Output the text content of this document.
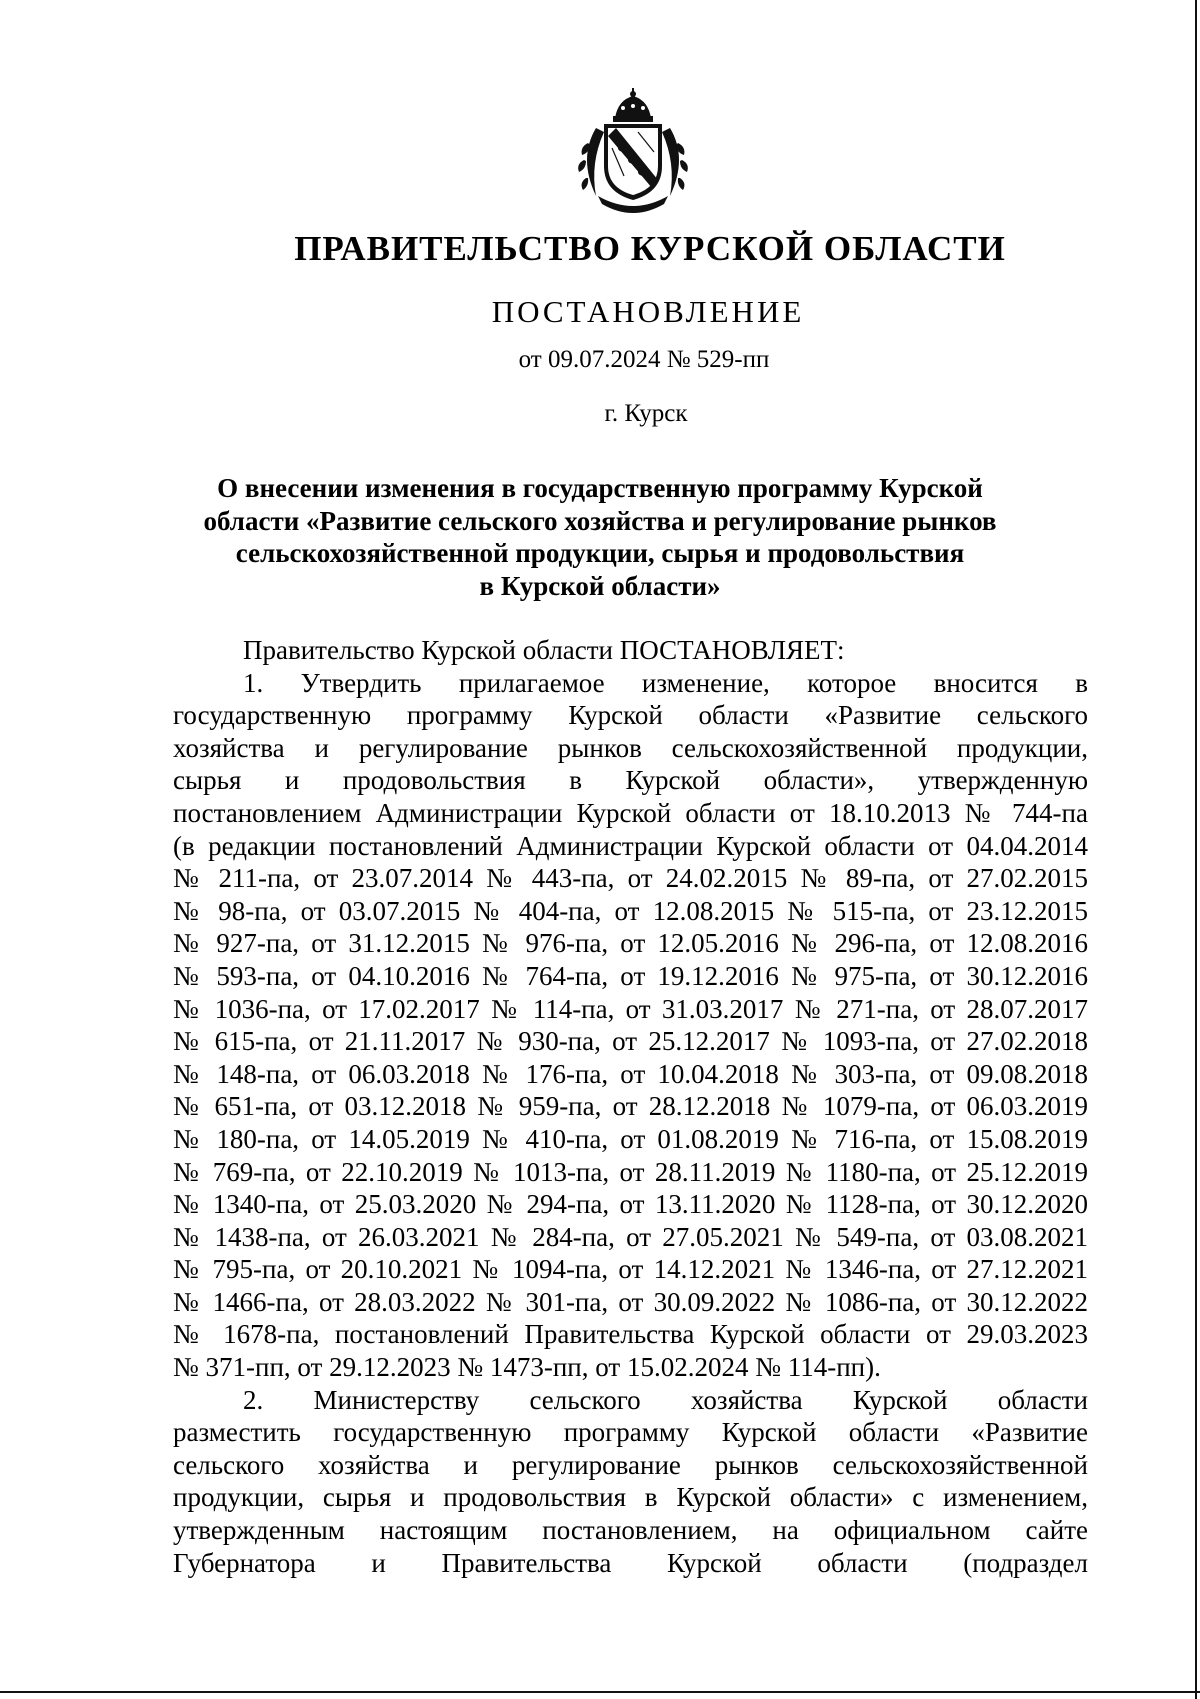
ПРАВИТЕЛЬСТВО КУРСКОЙ ОБЛАСТИ
ПОСТАНОВЛЕНИЕ
от 09.07.2024 № 529-пп
г. Курск
О внесении изменения в государственную программу Курской
области «Развитие сельского хозяйства и регулирование рынков
сельскохозяйственной продукции, сырья и продовольствия
в Курской области»
Правительство Курской области ПОСТАНОВЛЯЕТ:
1. Утвердить прилагаемое изменение, которое вносится в
государственную программу Курской области «Развитие сельского
хозяйства и регулирование рынков сельскохозяйственной продукции,
сырья и продовольствия в Курской области», утвержденную
постановлением Администрации Курской области от 18.10.2013 № 744-па
(в редакции постановлений Администрации Курской области от 04.04.2014
№ 211-па, от 23.07.2014 № 443-па, от 24.02.2015 № 89-па, от 27.02.2015
№ 98-па, от 03.07.2015 № 404-па, от 12.08.2015 № 515-па, от 23.12.2015
№ 927-па, от 31.12.2015 № 976-па, от 12.05.2016 № 296-па, от 12.08.2016
№ 593-па, от 04.10.2016 № 764-па, от 19.12.2016 № 975-па, от 30.12.2016
№ 1036-па, от 17.02.2017 № 114-па, от 31.03.2017 № 271-па, от 28.07.2017
№ 615-па, от 21.11.2017 № 930-па, от 25.12.2017 № 1093-па, от 27.02.2018
№ 148-па, от 06.03.2018 № 176-па, от 10.04.2018 № 303-па, от 09.08.2018
№ 651-па, от 03.12.2018 № 959-па, от 28.12.2018 № 1079-па, от 06.03.2019
№ 180-па, от 14.05.2019 № 410-па, от 01.08.2019 № 716-па, от 15.08.2019
№ 769-па, от 22.10.2019 № 1013-па, от 28.11.2019 № 1180-па, от 25.12.2019
№ 1340-па, от 25.03.2020 № 294-па, от 13.11.2020 № 1128-па, от 30.12.2020
№ 1438-па, от 26.03.2021 № 284-па, от 27.05.2021 № 549-па, от 03.08.2021
№ 795-па, от 20.10.2021 № 1094-па, от 14.12.2021 № 1346-па, от 27.12.2021
№ 1466-па, от 28.03.2022 № 301-па, от 30.09.2022 № 1086-па, от 30.12.2022
№ 1678-па, постановлений Правительства Курской области от 29.03.2023
№ 371-пп, от 29.12.2023 № 1473-пп, от 15.02.2024 № 114-пп).
2. Министерству сельского хозяйства Курской области
разместить государственную программу Курской области «Развитие
сельского хозяйства и регулирование рынков сельскохозяйственной
продукции, сырья и продовольствия в Курской области» с изменением,
утвержденным настоящим постановлением, на официальном сайте
Губернатора и Правительства Курской области (подраздел
